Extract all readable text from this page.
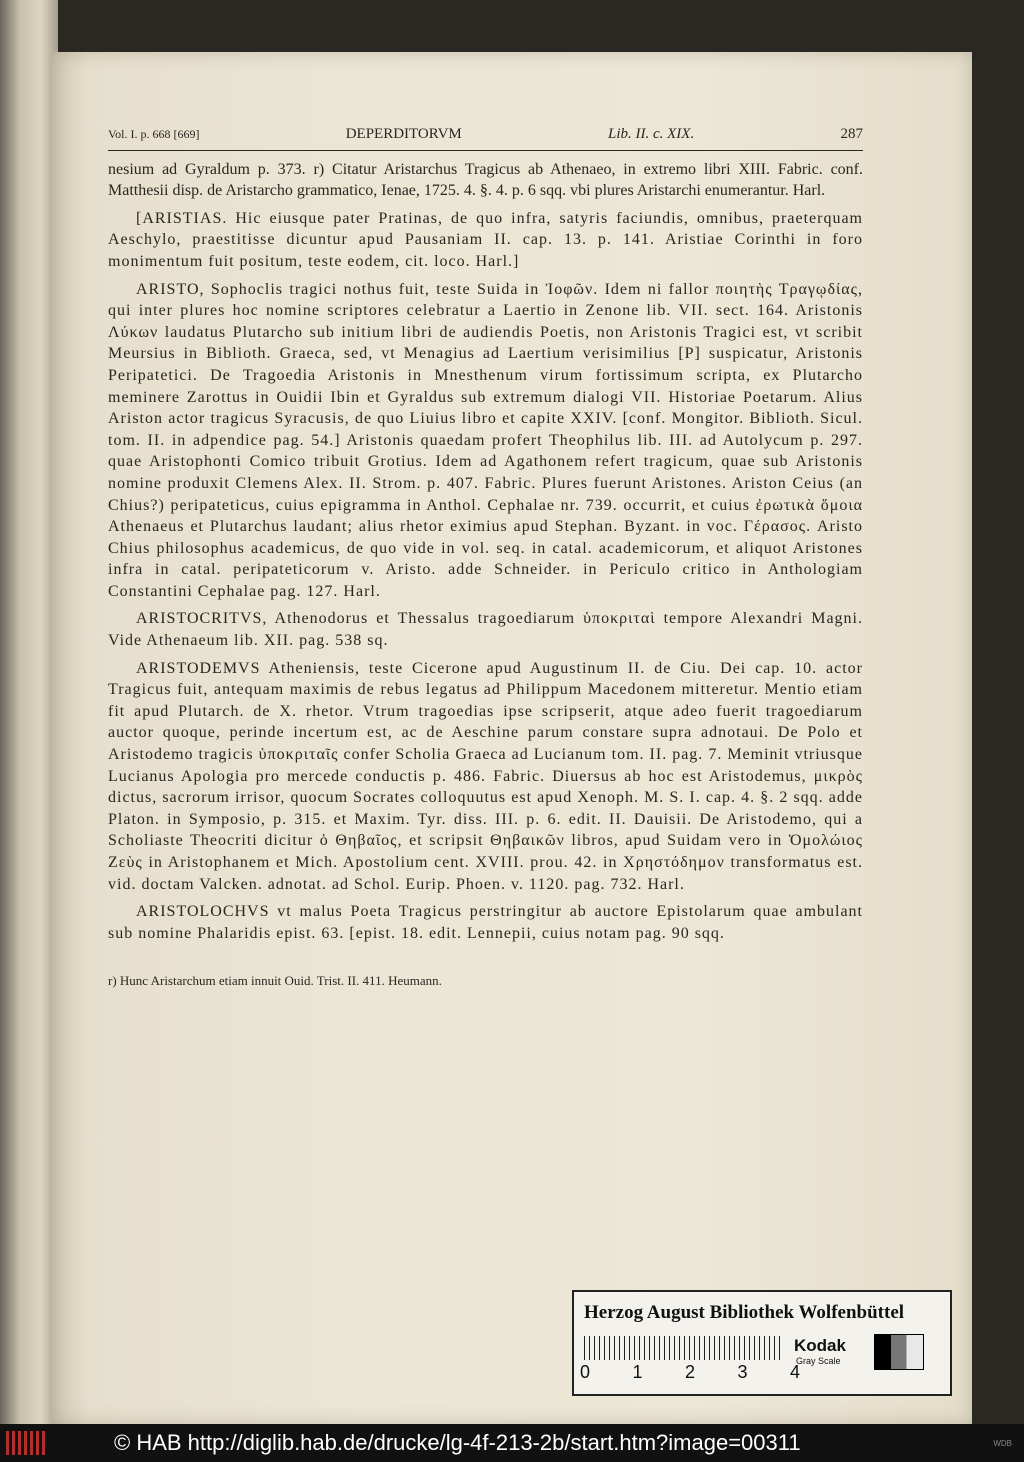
Vol. I. p. 668 [669]	DEPERDITORVM	Lib. II. c. XIX.	287

nesium ad Gyraldum p. 373. r) Citatur Aristarchus Tragicus ab Athenaeo, in extremo libri XIII. Fabric. conf. Matthesii disp. de Aristarcho grammatico, Ienae, 1725. 4. §. 4. p. 6 sqq. vbi plures Aristarchi enumerantur. Harl.

[ARISTIAS. Hic eiusque pater Pratinas, de quo infra, satyris faciundis, omnibus, praeterquam Aeschylo, praestitisse dicuntur apud Pausaniam II. cap. 13. p. 141. Aristiae Corinthi in foro monimentum fuit positum, teste eodem, cit. loco. Harl.]

ARISTO, Sophoclis tragici nothus fuit, teste Suida in Ἰοφῶν. Idem ni fallor ποιητὴς Τραγῳδίας, qui inter plures hoc nomine scriptores celebratur a Laertio in Zenone lib. VII. sect. 164. Aristonis Λύκων laudatus Plutarcho sub initium libri de audiendis Poetis, non Aristonis Tragici est, vt scribit Meursius in Biblioth. Graeca, sed, vt Menagius ad Laertium verisimilius [P] suspicatur, Aristonis Peripatetici. De Tragoedia Aristonis in Mnesthenum virum fortissimum scripta, ex Plutarcho meminere Zarottus in Ouidii Ibin et Gyraldus sub extremum dialogi VII. Historiae Poetarum. Alius Ariston actor tragicus Syracusis, de quo Liuius libro et capite XXIV. [conf. Mongitor. Biblioth. Sicul. tom. II. in adpendice pag. 54.] Aristonis quaedam profert Theophilus lib. III. ad Autolycum p. 297. quae Aristophonti Comico tribuit Grotius. Idem ad Agathonem refert tragicum, quae sub Aristonis nomine produxit Clemens Alex. II. Strom. p. 407. Fabric. Plures fuerunt Aristones. Ariston Ceius (an Chius?) peripateticus, cuius epigramma in Anthol. Cephalae nr. 739. occurrit, et cuius ἐρωτικὰ ὅμοια Athenaeus et Plutarchus laudant; alius rhetor eximius apud Stephan. Byzant. in voc. Γέρασος. Aristo Chius philosophus academicus, de quo vide in vol. seq. in catal. academicorum, et aliquot Aristones infra in catal. peripateticorum v. Aristo. adde Schneider. in Periculo critico in Anthologiam Constantini Cephalae pag. 127. Harl.

ARISTOCRITVS, Athenodorus et Thessalus tragoediarum ὑποκριταὶ tempore Alexandri Magni. Vide Athenaeum lib. XII. pag. 538 sq.

ARISTODEMVS Atheniensis, teste Cicerone apud Augustinum II. de Ciu. Dei cap. 10. actor Tragicus fuit, antequam maximis de rebus legatus ad Philippum Macedonem mitteretur. Mentio etiam fit apud Plutarch. de X. rhetor. Vtrum tragoedias ipse scripserit, atque adeo fuerit tragoediarum auctor quoque, perinde incertum est, ac de Aeschine parum constare supra adnotaui. De Polo et Aristodemo tragicis ὑποκριταῖς confer Scholia Graeca ad Lucianum tom. II. pag. 7. Meminit vtriusque Lucianus Apologia pro mercede conductis p. 486. Fabric. Diuersus ab hoc est Aristodemus, μικρὸς dictus, sacrorum irrisor, quocum Socrates colloquutus est apud Xenoph. M. S. I. cap. 4. §. 2 sqq. adde Platon. in Symposio, p. 315. et Maxim. Tyr. diss. III. p. 6. edit. II. Dauisii. De Aristodemo, qui a Scholiaste Theocriti dicitur ὁ Θηβαῖος, et scripsit Θηβαικῶν libros, apud Suidam vero in Ὁμολώιος Ζεὺς in Aristophanem et Mich. Apostolium cent. XVIII. prou. 42. in Χρηστόδημον transformatus est. vid. doctam Valcken. adnotat. ad Schol. Eurip. Phoen. v. 1120. pag. 732. Harl.

ARISTOLOCHVS vt malus Poeta Tragicus perstringitur ab auctore Epistolarum quae ambulant sub nomine Phalaridis epist. 63. [epist. 18. edit. Lennepii, cuius notam pag. 90 sqq.

r) Hunc Aristarchum etiam innuit Ouid. Trist. II. 411. Heumann.
Herzog August Bibliothek Wolfenbüttel
0 1 2 3 4
Kodak
Gray Scale
© HAB http://diglib.hab.de/drucke/lg-4f-213-2b/start.htm?image=00311	WDB
